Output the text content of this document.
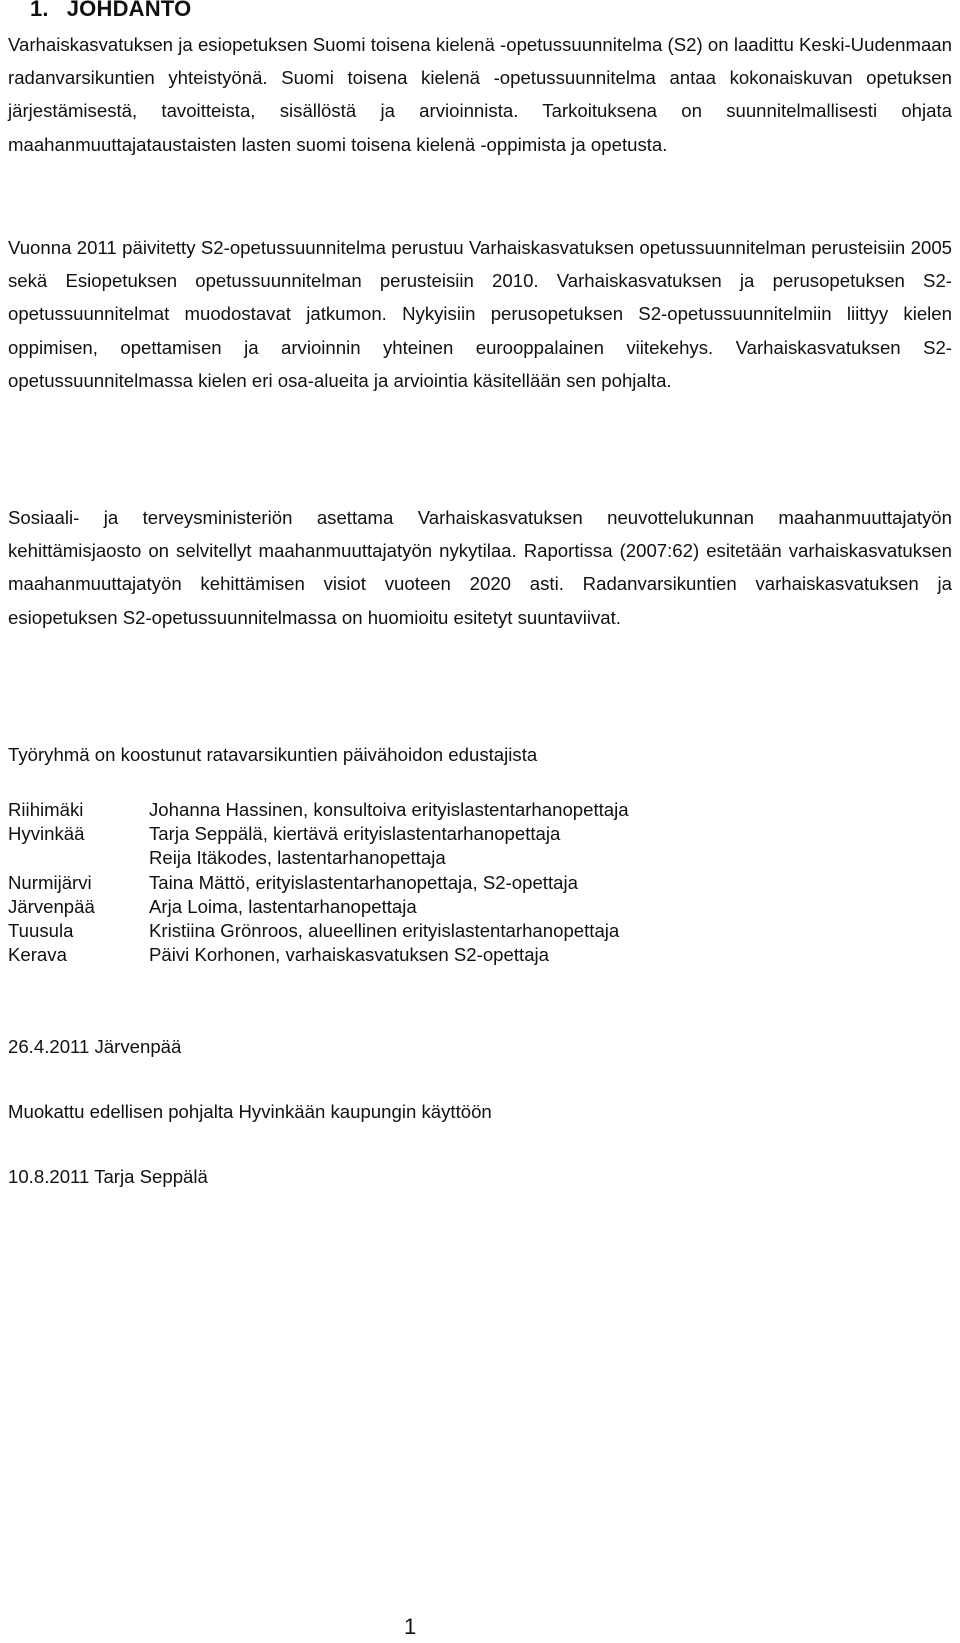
1. JOHDANTO

Varhaiskasvatuksen ja esiopetuksen Suomi toisena kielenä -opetussuunnitelma (S2) on laadittu Keski-Uudenmaan radanvarsikuntien yhteistyönä. Suomi toisena kielenä -opetussuunnitelma antaa kokonaiskuvan opetuksen järjestämisestä, tavoitteista, sisällöstä ja arvioinnista. Tarkoituksena on suunnitelmallisesti ohjata maahanmuuttajataustaisten lasten suomi toisena kielenä -oppimista ja opetusta.

Vuonna 2011 päivitetty S2-opetussuunnitelma perustuu Varhaiskasvatuksen opetussuunnitelman perusteisiin 2005 sekä Esiopetuksen opetussuunnitelman perusteisiin 2010. Varhaiskasvatuksen ja perusopetuksen S2-opetussuunnitelmat muodostavat jatkumon. Nykyisiin perusopetuksen S2-opetussuunnitelmiin liittyy kielen oppimisen, opettamisen ja arvioinnin yhteinen eurooppalainen viitekehys. Varhaiskasvatuksen S2-opetussuunnitelmassa kielen eri osa-alueita ja arviointia käsitellään sen pohjalta.

Sosiaali- ja terveysministeriön asettama Varhaiskasvatuksen neuvottelukunnan maahanmuuttajatyön kehittämisjaosto on selvitellyt maahanmuuttajatyön nykytilaa. Raportissa (2007:62) esitetään varhaiskasvatuksen maahanmuuttajatyön kehittämisen visiot vuoteen 2020 asti. Radanvarsikuntien varhaiskasvatuksen ja esiopetuksen S2-opetussuunnitelmassa on huomioitu esitetyt suuntaviivat.

Työryhmä on koostunut ratavarsikuntien päivähoidon edustajista

Riihimäki	Johanna Hassinen, konsultoiva erityislastentarhanopettaja
Hyvinkää	Tarja Seppälä, kiertävä erityislastentarhanopettaja
Reija Itäkodes, lastentarhanopettaja
Nurmijärvi	Taina Mättö, erityislastentarhanopettaja, S2-opettaja
Järvenpää	Arja Loima, lastentarhanopettaja
Tuusula	Kristiina Grönroos, alueellinen erityislastentarhanopettaja
Kerava	Päivi Korhonen, varhaiskasvatuksen S2-opettaja

26.4.2011 Järvenpää

Muokattu edellisen pohjalta Hyvinkään kaupungin käyttöön

10.8.2011 Tarja Seppälä

1
